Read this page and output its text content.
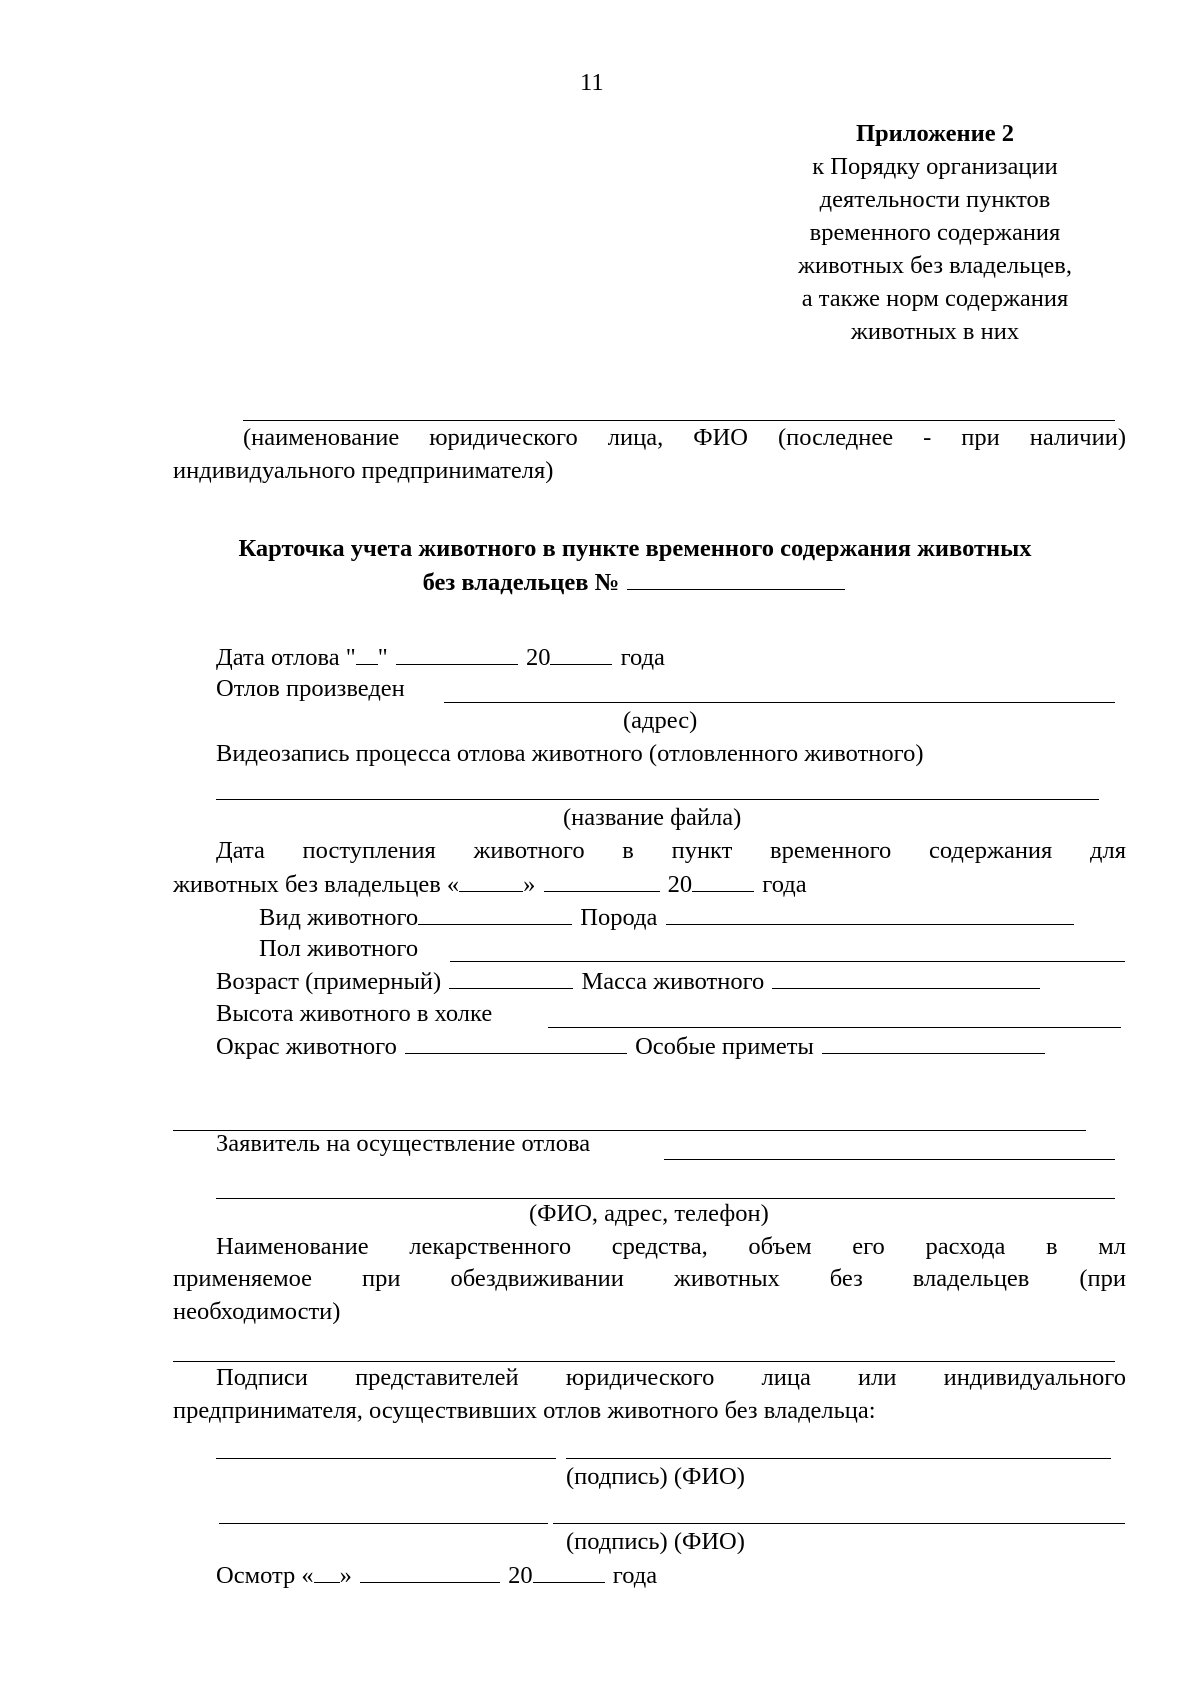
11
Приложение 2
к Порядку организации
деятельности пунктов
временного содержания
животных без владельцев,
а также норм содержания
животных в них
(наименование юридического лица, ФИО (последнее - при наличии)
индивидуального предпринимателя)
Карточка учета животного в пункте временного содержания животных
без владельцев №
Дата отлова " "	20	года
Отлов произведен
(адрес)
Видеозапись процесса отлова животного (отловленного животного)
(название файла)
Дата поступления животного в пункт временного содержания для
животных без владельцев «	»	20	года
Вид животного	Порода
Пол животного
Возраст (примерный)	Масса животного
Высота животного в холке
Окрас животного	Особые приметы
Заявитель на осуществление отлова
(ФИО, адрес, телефон)
Наименование лекарственного средства, объем его расхода в мл
применяемое при обездвиживании животных без владельцев (при
необходимости)
Подписи представителей юридического лица или индивидуального
предпринимателя, осуществивших отлов животного без владельца:
(подпись) (ФИО)
(подпись) (ФИО)
Осмотр « »	20	года
